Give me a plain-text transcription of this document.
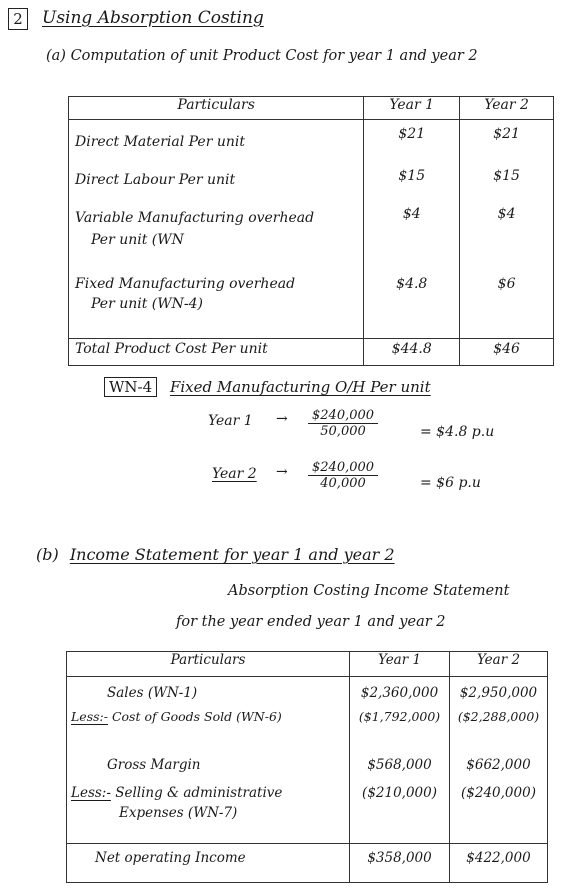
2	Using Absorption Costing
(a) Computation of unit Product Cost for year 1 and year 2
Particulars	Year 1	Year 2
Direct Material Per unit	$21	$21
Direct Labour Per unit	$15	$15

Variable Manufacturing overhead
Per unit (WN	$4	$4

Fixed Manufacturing overhead
Per unit (WN-4)	$4.8	$6
Total Product Cost Per unit	$44.8	$46
WN-4 Fixed Manufacturing O/H Per unit
Year $1 \to \frac{\$240,000}{50,000}$	= $4.8 p.u
Year $2 \to \frac{\$240,000}{40,000}$	= $6 p.u
(b) Income Statement for year 1 and year 2
Absorption Costing Income Statement
for the year ended year 1 and year 2
Particulars	Year 1	Year 2
Sales (WN-1)	$2,360,000	$2,950,000
Less:- Cost of Goods Sold (WN-6)	($1,792,000)	($2,288,000)
Gross Margin	$568,000	$662,000

Less:- Selling & administrative
Expenses (WN-7)	($210,000)	($240,000)
Net operating Income	$358,000	$422,000
